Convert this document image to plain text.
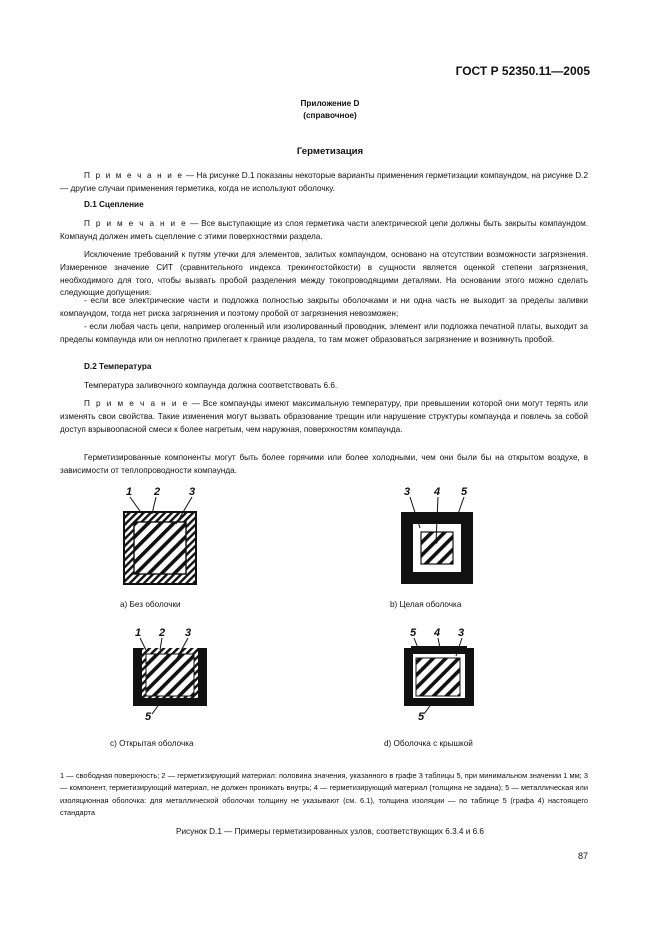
ГОСТ Р 52350.11—2005
Приложение D
(справочное)
Герметизация

П р и м е ч а н и е — На рисунке D.1 показаны некоторые варианты применения герметизации компаундом, на рисунке D.2 — другие случаи применения герметика, когда не используют оболочку.

D.1 Сцепление

П р и м е ч а н и е — Все выступающие из слоя герметика части электрической цепи должны быть закрыты компаундом. Компаунд должен иметь сцепление с этими поверхностями раздела.

Исключение требований к путям утечки для элементов, залитых компаундом, основано на отсутствии возможности загрязнения. Измеренное значение СИТ (сравнительного индекса трекингостойкости) в сущности является оценкой степени загрязнения, необходимого для того, чтобы вызвать пробой разделения между токопроводящими деталями. На основании этого можно сделать следующие допущения:

- если все электрические части и подложка полностью закрыты оболочками и ни одна часть не выходит за пределы заливки компаундом, тогда нет риска загрязнения и поэтому пробой от загрязнения невозможен;

- если любая часть цепи, например оголенный или изолированный проводник, элемент или подложка печатной платы, выходит за пределы компаунда или он неплотно прилегает к границе раздела, то там может образоваться загрязнение и возникнуть пробой.

D.2 Температура

Температура заливочного компаунда должна соответствовать 6.6.

П р и м е ч а н и е — Все компаунды имеют максимальную температуру, при превышении которой они могут терять или изменять свои свойства. Такие изменения могут вызвать образование трещин или нарушение структуры компаунда и повлечь за собой доступ взрывоопасной смеси к более нагретым, чем наружная, поверхностям компаунда.

Герметизированные компоненты могут быть более горячими или более холодными, чем они были бы на открытом воздухе, в зависимости от теплопроводности компаунда.

1 2	3	3 4 5
1 2 3
5
5 4 3
5
a) Без оболочки	b) Целая оболочка
c) Открытая оболочка	d) Оболочка с крышкой

1 — свободная поверхность; 2 — герметизирующий материал: половина значения, указанного в графе 3 таблицы 5, при минимальном значении 1 мм; 3 — компонент, герметизирующий материал, не должен проникать внутрь; 4 — герметизирующий материал (толщина не задана); 5 — металлическая или изоляционная оболочка: для металлической оболочки толщину не указывают (см. 6.1), толщина изоляции — по таблице 5 (графа 4) настоящего стандарта

Рисунок D.1 — Примеры герметизированных узлов, соответствующих 6.3.4 и 6.6
87
